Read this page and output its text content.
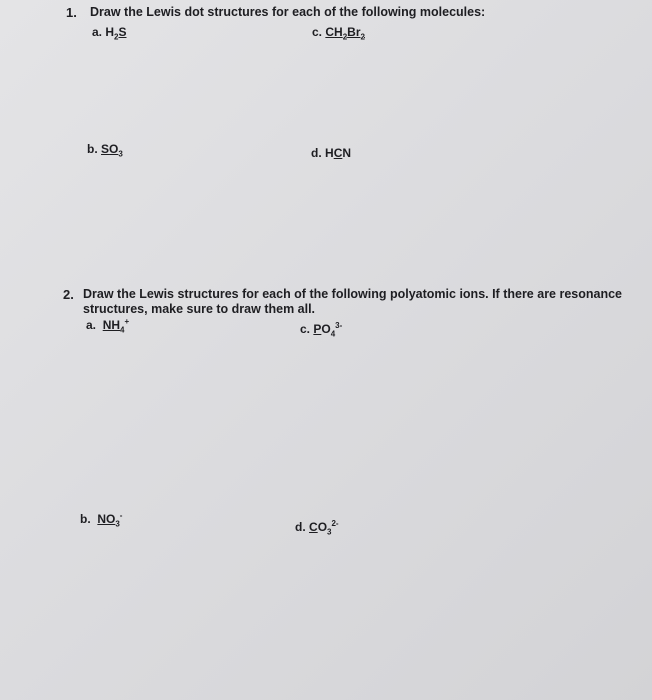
1. Draw the Lewis dot structures for each of the following molecules:
a. $H_2S$	c. $CH_2Br_2$
b. $SO_3$	d. HCN
2. Draw the Lewis structures for each of the following polyatomic ions. If there are resonance
structures, make sure to draw them all.
a. $NH_4^+$
c. $PO_4^{3-}$
b. $NO_3^-$
d. $CO_3^{2-}$
